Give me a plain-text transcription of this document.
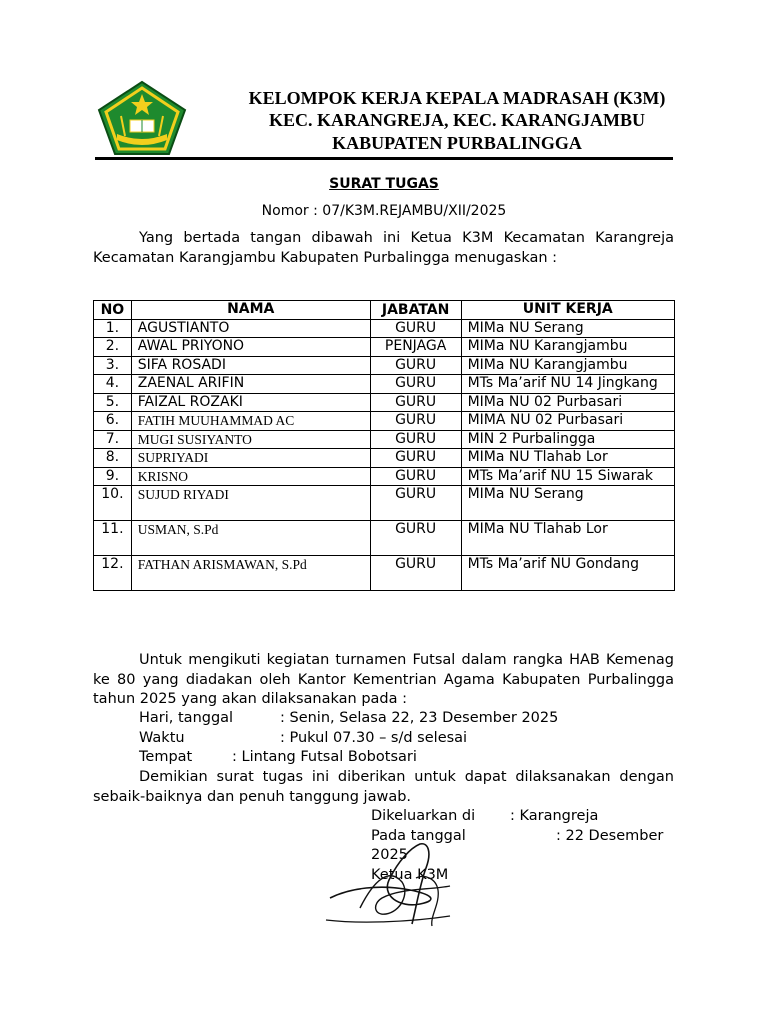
KELOMPOK KERJA KEPALA MADRASAH (K3M)
KEC. KARANGREJA, KEC. KARANGJAMBU
KABUPATEN PURBALINGGA
SURAT TUGAS
Nomor : 07/K3M.REJAMBU/XII/2025
Yang bertada tangan dibawah ini Ketua K3M Kecamatan Karangreja Kecamatan Karangjambu Kabupaten Purbalingga menugaskan :
NO	NAMA	JABATAN	UNIT KERJA
1.	AGUSTIANTO	GURU	MIMa NU Serang
2.	AWAL PRIYONO	PENJAGA	MIMa NU Karangjambu
3.	SIFA ROSADI	GURU	MIMa NU Karangjambu
4.	ZAENAL ARIFIN	GURU	MTs Ma’arif NU 14 Jingkang
5.	FAIZAL ROZAKI	GURU	MIMa NU 02 Purbasari
6.	FATIH MUUHAMMAD AC	GURU	MIMA NU 02 Purbasari
7.	MUGI SUSIYANTO	GURU	MIN 2 Purbalingga
8.	SUPRIYADI	GURU	MIMa NU Tlahab Lor
9.	KRISNO	GURU	MTs Ma’arif NU 15 Siwarak
10.	SUJUD RIYADI	GURU	MIMa NU Serang
11.	USMAN, S.Pd	GURU	MIMa NU Tlahab Lor
12.	FATHAN ARISMAWAN, S.Pd	GURU	MTs Ma’arif NU Gondang
Untuk mengikuti kegiatan turnamen Futsal dalam rangka HAB Kemenag ke 80 yang diadakan oleh Kantor Kementrian Agama Kabupaten Purbalingga tahun 2025 yang akan dilaksanakan pada :
Hari, tanggal	: Senin, Selasa 22, 23 Desember 2025
Waktu	: Pukul 07.30 – s/d selesai
Tempat	: Lintang Futsal Bobotsari
Demikian surat tugas ini diberikan untuk dapat dilaksanakan dengan sebaik-baiknya dan penuh tanggung jawab.
Dikeluarkan di : Karangreja
Pada tanggal	: 22 Desember
2025
Ketua K3M
